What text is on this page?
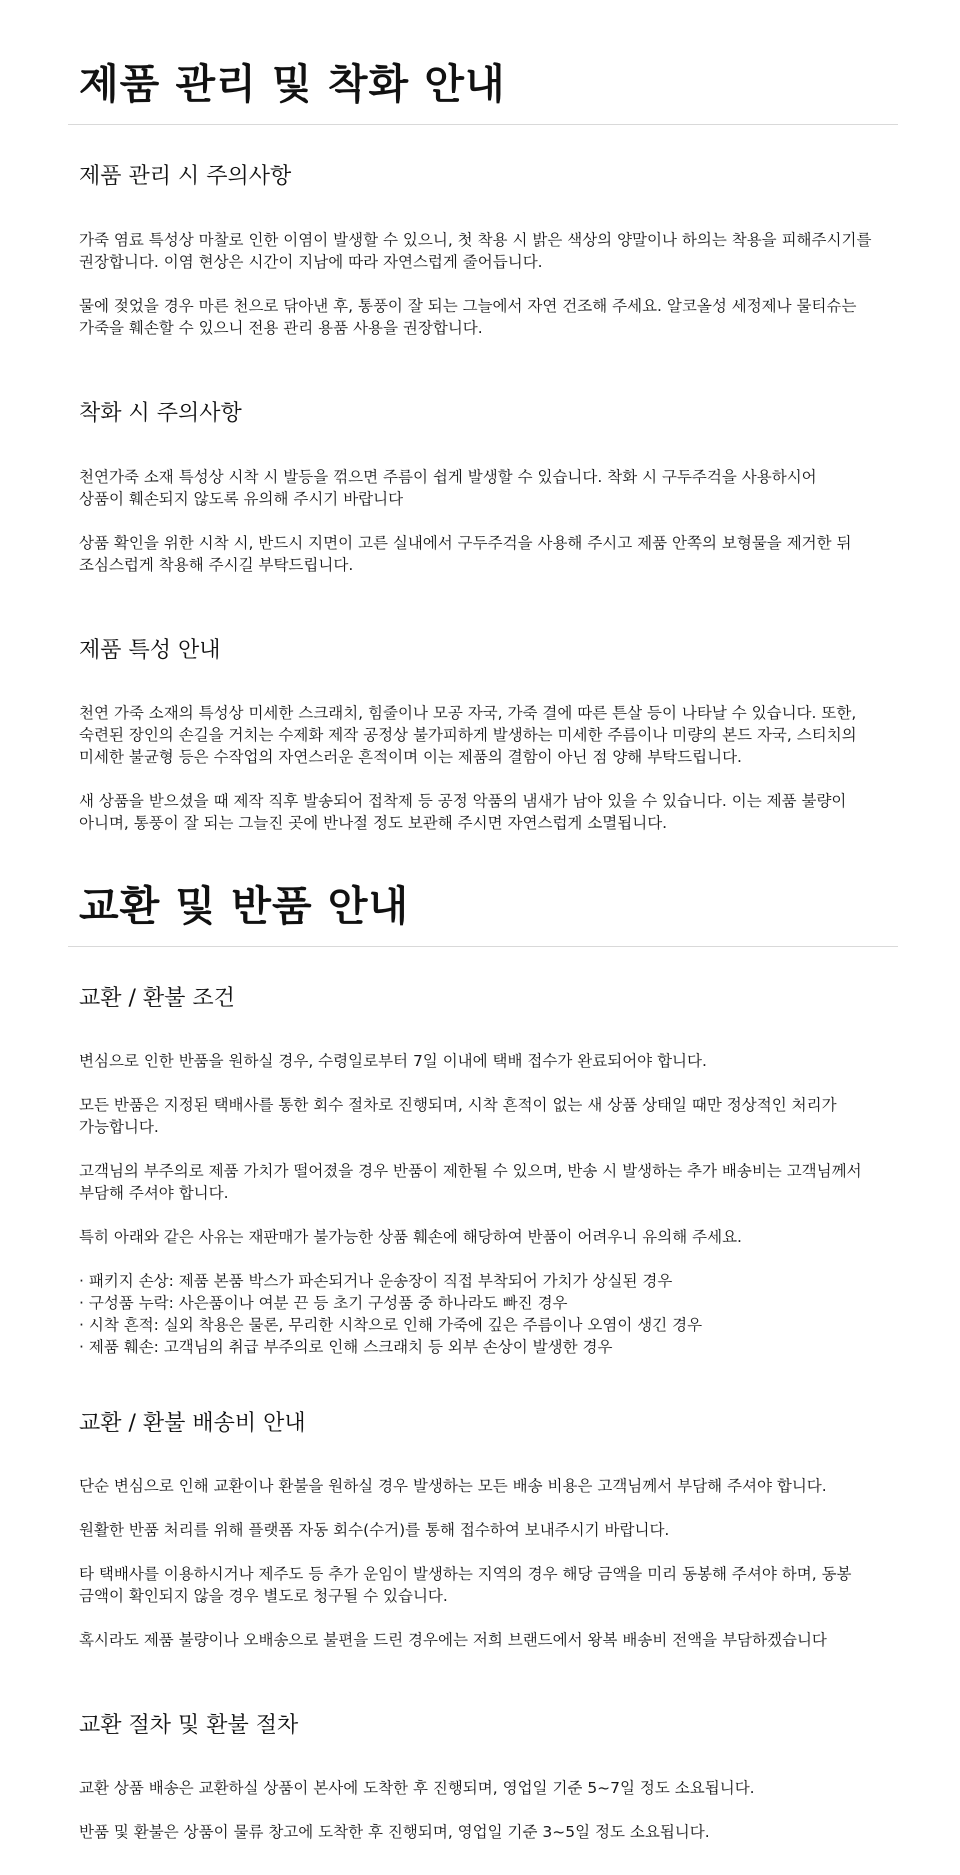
제품 관리 및 착화 안내
제품 관리 시 주의사항

가죽 염료 특성상 마찰로 인한 이염이 발생할 수 있으니, 첫 착용 시 밝은 색상의 양말이나 하의는 착용을 피해주시기를
권장합니다. 이염 현상은 시간이 지남에 따라 자연스럽게 줄어듭니다.

물에 젖었을 경우 마른 천으로 닦아낸 후, 통풍이 잘 되는 그늘에서 자연 건조해 주세요. 알코올성 세정제나 물티슈는
가죽을 훼손할 수 있으니 전용 관리 용품 사용을 권장합니다.

착화 시 주의사항

천연가죽 소재 특성상 시착 시 발등을 꺾으면 주름이 쉽게 발생할 수 있습니다. 착화 시 구두주걱을 사용하시어
상품이 훼손되지 않도록 유의해 주시기 바랍니다

상품 확인을 위한 시착 시, 반드시 지면이 고른 실내에서 구두주걱을 사용해 주시고 제품 안쪽의 보형물을 제거한 뒤
조심스럽게 착용해 주시길 부탁드립니다.

제품 특성 안내

천연 가죽 소재의 특성상 미세한 스크래치, 힘줄이나 모공 자국, 가죽 결에 따른 튼살 등이 나타날 수 있습니다. 또한,
숙련된 장인의 손길을 거치는 수제화 제작 공정상 불가피하게 발생하는 미세한 주름이나 미량의 본드 자국, 스티치의
미세한 불균형 등은 수작업의 자연스러운 흔적이며 이는 제품의 결함이 아닌 점 양해 부탁드립니다.

새 상품을 받으셨을 때 제작 직후 발송되어 접착제 등 공정 악품의 냄새가 남아 있을 수 있습니다. 이는 제품 불량이
아니며, 통풍이 잘 되는 그늘진 곳에 반나절 정도 보관해 주시면 자연스럽게 소멸됩니다.

교환 및 반품 안내
교환 / 환불 조건

변심으로 인한 반품을 원하실 경우, 수령일로부터 7일 이내에 택배 접수가 완료되어야 합니다.

모든 반품은 지정된 택배사를 통한 회수 절차로 진행되며, 시착 흔적이 없는 새 상품 상태일 때만 정상적인 처리가
가능합니다.

고객님의 부주의로 제품 가치가 떨어졌을 경우 반품이 제한될 수 있으며, 반송 시 발생하는 추가 배송비는 고객님께서
부담해 주셔야 합니다.

특히 아래와 같은 사유는 재판매가 불가능한 상품 훼손에 해당하여 반품이 어려우니 유의해 주세요.

· 패키지 손상: 제품 본품 박스가 파손되거나 운송장이 직접 부착되어 가치가 상실된 경우
· 구성품 누락: 사은품이나 여분 끈 등 초기 구성품 중 하나라도 빠진 경우
· 시착 흔적: 실외 착용은 물론, 무리한 시착으로 인해 가죽에 깊은 주름이나 오염이 생긴 경우
· 제품 훼손: 고객님의 취급 부주의로 인해 스크래치 등 외부 손상이 발생한 경우
교환 / 환불 배송비 안내

단순 변심으로 인해 교환이나 환불을 원하실 경우 발생하는 모든 배송 비용은 고객님께서 부담해 주셔야 합니다.

원활한 반품 처리를 위해 플랫폼 자동 회수(수거)를 통해 접수하여 보내주시기 바랍니다.

타 택배사를 이용하시거나 제주도 등 추가 운임이 발생하는 지역의 경우 해당 금액을 미리 동봉해 주셔야 하며, 동봉
금액이 확인되지 않을 경우 별도로 청구될 수 있습니다.

혹시라도 제품 불량이나 오배송으로 불편을 드린 경우에는 저희 브랜드에서 왕복 배송비 전액을 부담하겠습니다

교환 절차 및 환불 절차

교환 상품 배송은 교환하실 상품이 본사에 도착한 후 진행되며, 영업일 기준 5~7일 정도 소요됩니다.

반품 및 환불은 상품이 물류 창고에 도착한 후 진행되며, 영업일 기준 3~5일 정도 소요됩니다.
